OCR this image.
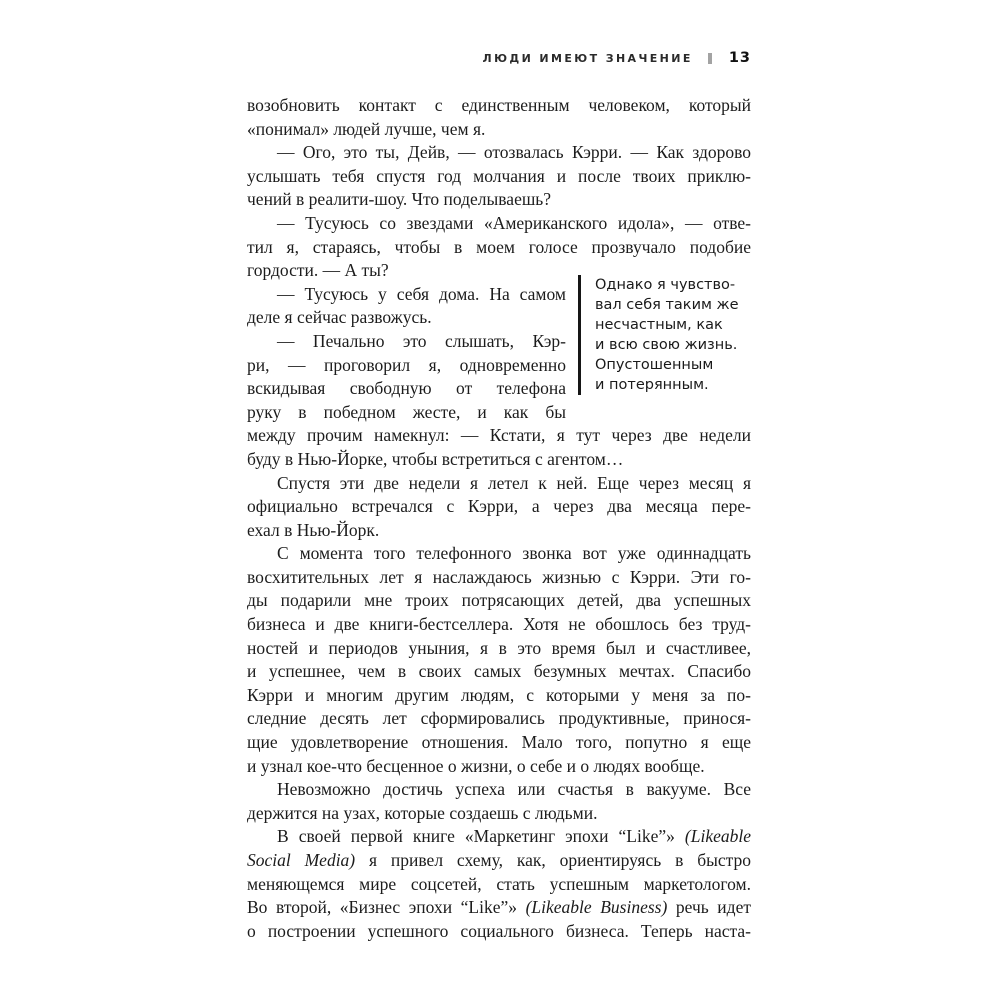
ЛЮДИ ИМЕЮТ ЗНАЧЕНИЕ 13
возобновить контакт с единственным человеком, который
«понимал» людей лучше, чем я.
— Ого, это ты, Дейв, — отозвалась Кэрри. — Как здорово
услышать тебя спустя год молчания и после твоих приклю-
чений в реалити-шоу. Что поделываешь?
— Тусуюсь со звездами «Американского идола», — отве-
тил я, стараясь, чтобы в моем голосе прозвучало подобие
гордости. — А ты?
Однако я чувство-
вал себя таким же
несчастным, как
и всю свою жизнь.
Опустошенным
и потерянным.
— Тусуюсь у себя дома. На самом
деле я сейчас развожусь.
— Печально это слышать, Кэр-
ри, — проговорил я, одновременно
вскидывая свободную от телефона
руку в победном жесте, и как бы
между прочим намекнул: — Кстати, я тут через две недели
буду в Нью-Йорке, чтобы встретиться с агентом…
Спустя эти две недели я летел к ней. Еще через месяц я
официально встречался с Кэрри, а через два месяца пере-
ехал в Нью-Йорк.
С момента того телефонного звонка вот уже одиннадцать
восхитительных лет я наслаждаюсь жизнью с Кэрри. Эти го-
ды подарили мне троих потрясающих детей, два успешных
бизнеса и две книги-бестселлера. Хотя не обошлось без труд-
ностей и периодов уныния, я в это время был и счастливее,
и успешнее, чем в своих самых безумных мечтах. Спасибо
Кэрри и многим другим людям, с которыми у меня за по-
следние десять лет сформировались продуктивные, принося-
щие удовлетворение отношения. Мало того, попутно я еще
и узнал кое-что бесценное о жизни, о себе и о людях вообще.
Невозможно достичь успеха или счастья в вакууме. Все
держится на узах, которые создаешь с людьми.
В своей первой книге «Маркетинг эпохи “Like”» (Likeable
Social Media) я привел схему, как, ориентируясь в быстро
меняющемся мире соцсетей, стать успешным маркетологом.
Во второй, «Бизнес эпохи “Like”» (Likeable Business) речь идет
о построении успешного социального бизнеса. Теперь наста-
